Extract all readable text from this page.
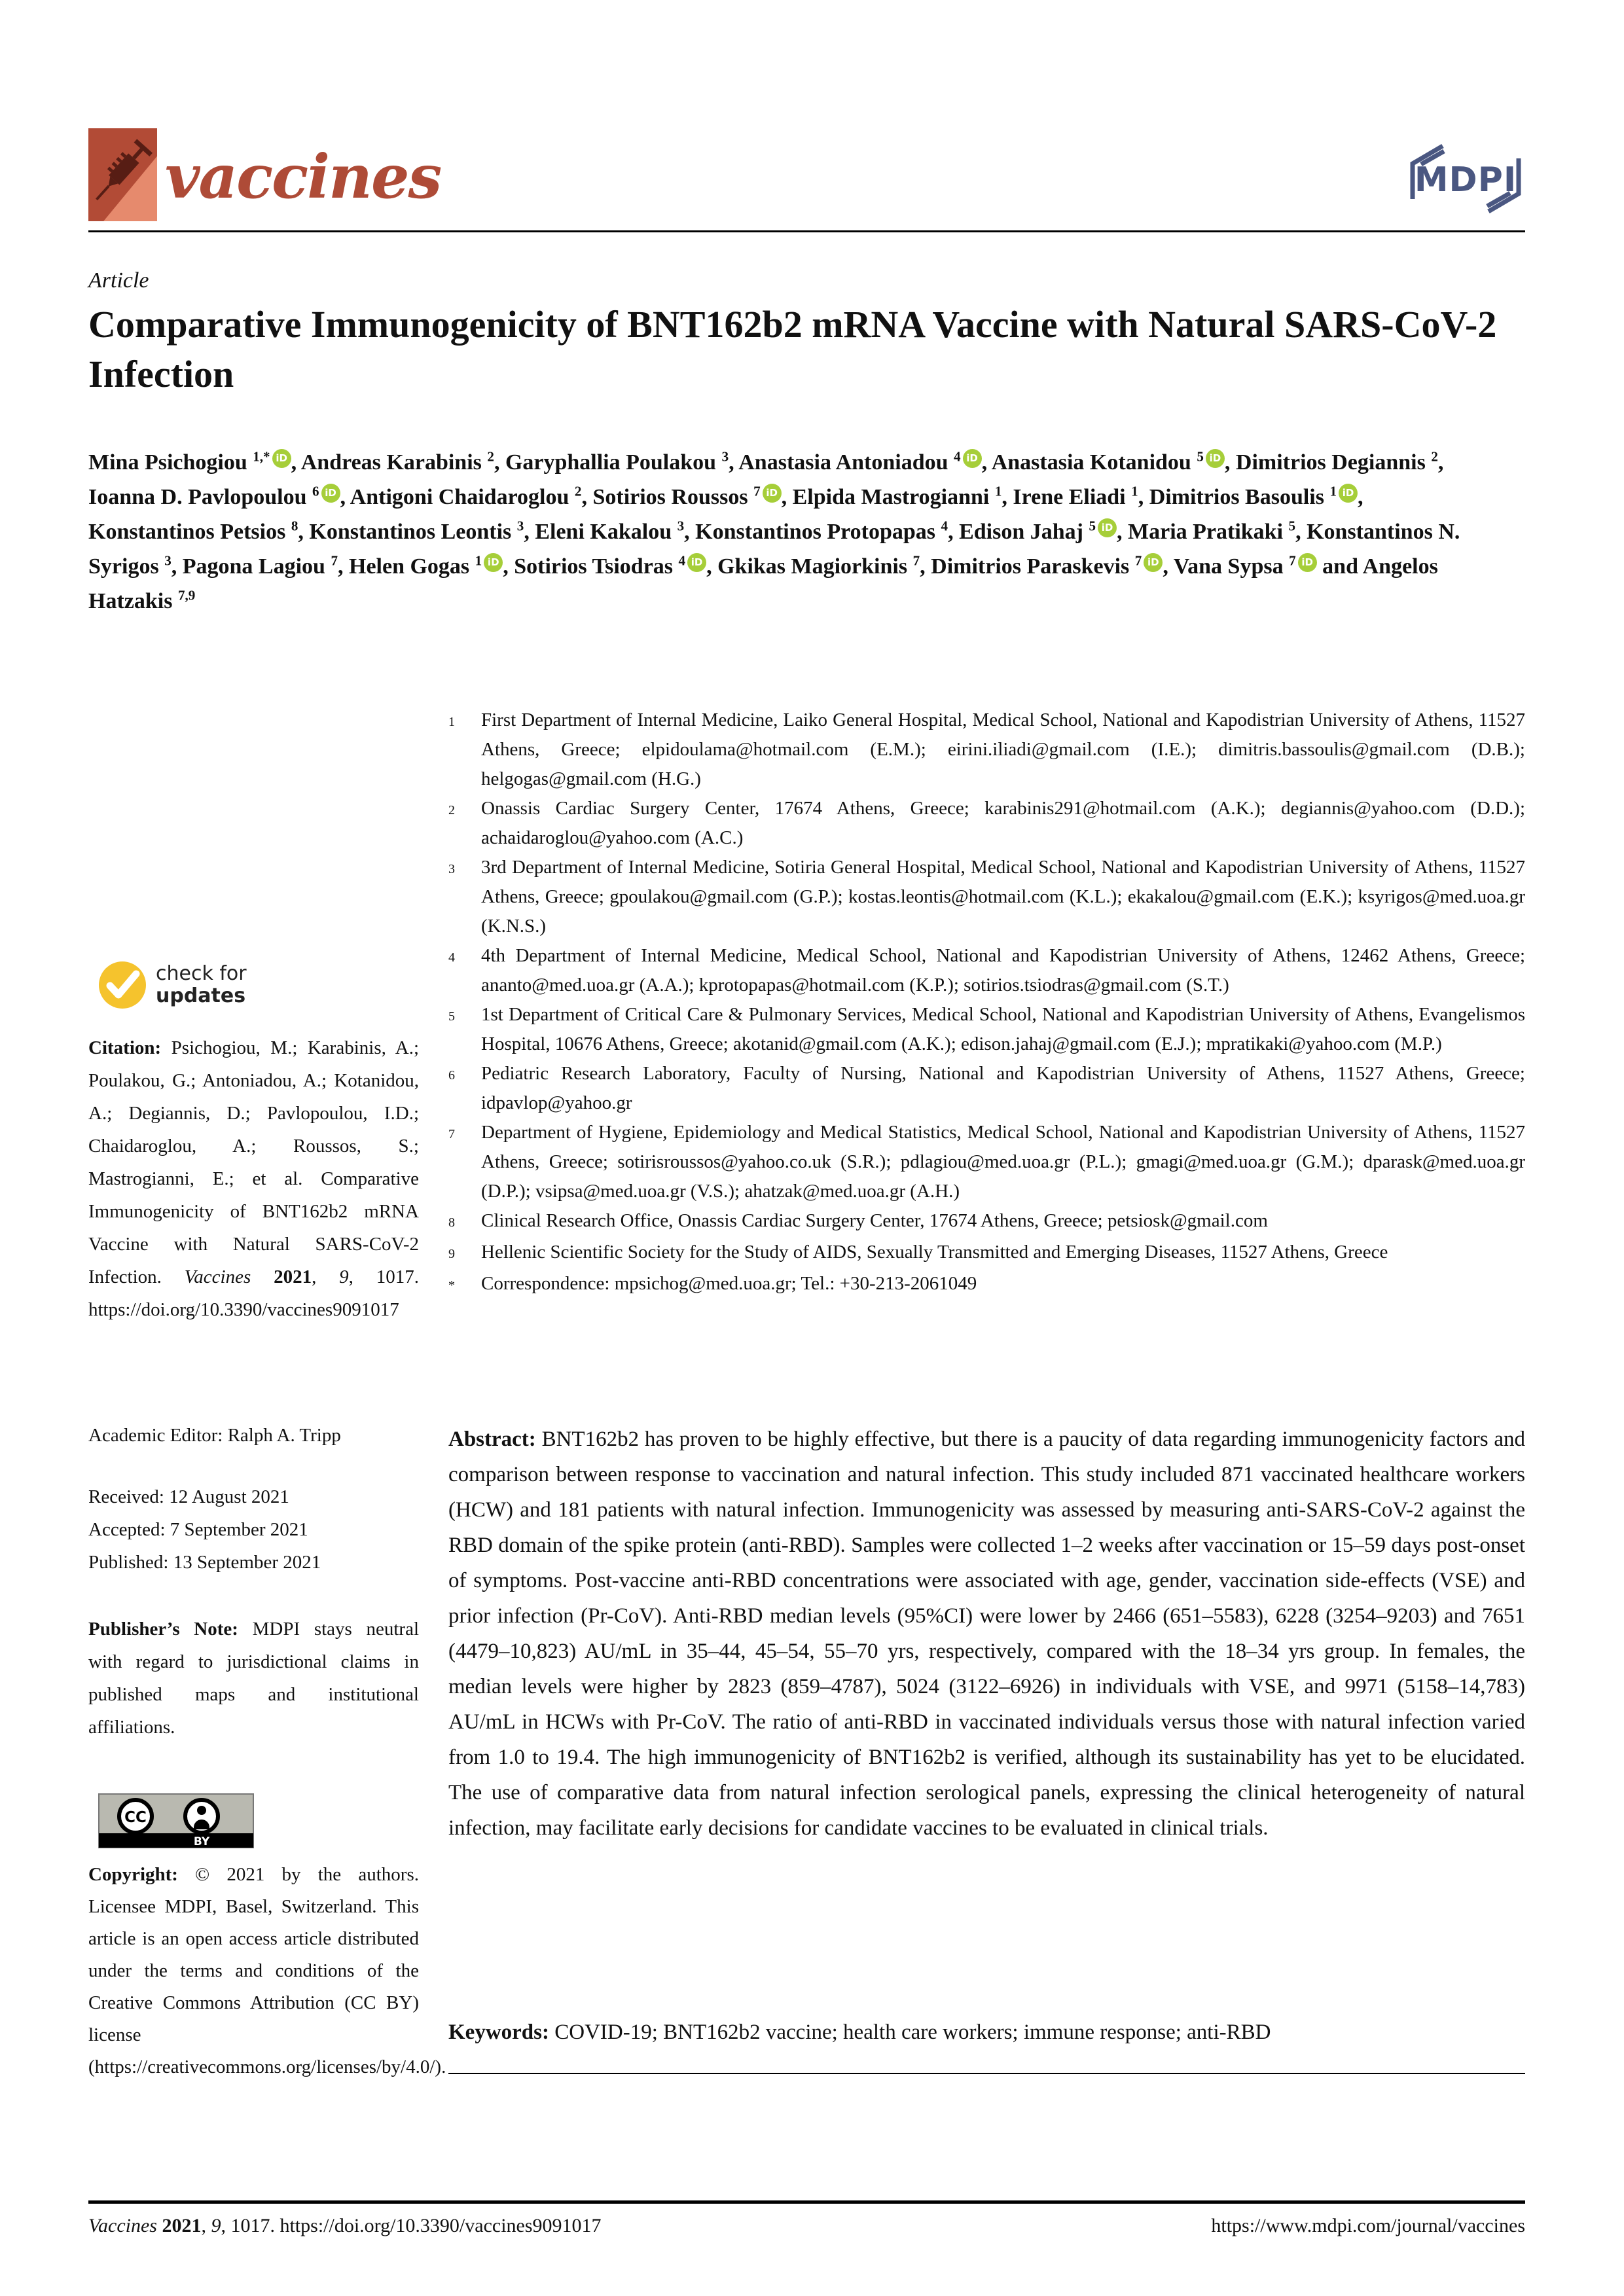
vaccines	MDPI
Article
Comparative Immunogenicity of BNT162b2 mRNA Vaccine with Natural SARS-CoV-2 Infection
Mina Psichogiou $^{1,*}$ iD , Andreas Karabinis $^2$, Garyphallia Poulakou $^3$, Anastasia Antoniadou $^4$ iD , Anastasia Kotanidou $^5$ iD , Dimitrios Degiannis $^2$, Ioanna D. Pavlopoulou $^6$ iD , Antigoni Chaidaroglou $^2$, Sotirios Roussos $^7$ iD , Elpida Mastrogianni $^1$, Irene Eliadi $^1$, Dimitrios Basoulis $^1$ iD , Konstantinos Petsios $^8$, Konstantinos Leontis $^3$, Eleni Kakalou $^3$, Konstantinos Protopapas $^4$, Edison Jahaj $^5$ iD , Maria Pratikaki $^5$, Konstantinos N. Syrigos $^3$, Pagona Lagiou $^7$, Helen Gogas $^1$ iD , Sotirios Tsiodras $^4$ iD , Gkikas Magiorkinis $^7$, Dimitrios Paraskevis $^7$ iD , Vana Sypsa $^7$ iD and Angelos Hatzakis $^{7,9}$
1	First Department of Internal Medicine, Laiko General Hospital, Medical School, National and Kapodistrian University of Athens, 11527 Athens, Greece; elpidoulama@hotmail.com (E.M.); eirini.iliadi@gmail.com (I.E.); dimitris.bassoulis@gmail.com (D.B.); helgogas@gmail.com (H.G.)
2	Onassis Cardiac Surgery Center, 17674 Athens, Greece; karabinis291@hotmail.com (A.K.); degiannis@yahoo.com (D.D.); achaidaroglou@yahoo.com (A.C.)
3	3rd Department of Internal Medicine, Sotiria General Hospital, Medical School, National and Kapodistrian University of Athens, 11527 Athens, Greece; gpoulakou@gmail.com (G.P.); kostas.leontis@hotmail.com (K.L.); ekakalou@gmail.com (E.K.); ksyrigos@med.uoa.gr (K.N.S.)
4	4th Department of Internal Medicine, Medical School, National and Kapodistrian University of Athens, 12462 Athens, Greece; ananto@med.uoa.gr (A.A.); kprotopapas@hotmail.com (K.P.); sotirios.tsiodras@gmail.com (S.T.)
5	1st Department of Critical Care & Pulmonary Services, Medical School, National and Kapodistrian University of Athens, Evangelismos Hospital, 10676 Athens, Greece; akotanid@gmail.com (A.K.); edison.jahaj@gmail.com (E.J.); mpratikaki@yahoo.com (M.P.)
6	Pediatric Research Laboratory, Faculty of Nursing, National and Kapodistrian University of Athens, 11527 Athens, Greece; idpavlop@yahoo.gr
7	Department of Hygiene, Epidemiology and Medical Statistics, Medical School, National and Kapodistrian University of Athens, 11527 Athens, Greece; sotirisroussos@yahoo.co.uk (S.R.); pdlagiou@med.uoa.gr (P.L.); gmagi@med.uoa.gr (G.M.); dparask@med.uoa.gr (D.P.); vsipsa@med.uoa.gr (V.S.); ahatzak@med.uoa.gr (A.H.)
8	Clinical Research Office, Onassis Cardiac Surgery Center, 17674 Athens, Greece; petsiosk@gmail.com
9	Hellenic Scientific Society for the Study of AIDS, Sexually Transmitted and Emerging Diseases, 11527 Athens, Greece
*	Correspondence: mpsichog@med.uoa.gr; Tel.: +30-213-2061049
Abstract: BNT162b2 has proven to be highly effective, but there is a paucity of data regarding immunogenicity factors and comparison between response to vaccination and natural infection. This study included 871 vaccinated healthcare workers (HCW) and 181 patients with natural infection. Immunogenicity was assessed by measuring anti-SARS-CoV-2 against the RBD domain of the spike protein (anti-RBD). Samples were collected 1–2 weeks after vaccination or 15–59 days post-onset of symptoms. Post-vaccine anti-RBD concentrations were associated with age, gender, vaccination side-effects (VSE) and prior infection (Pr-CoV). Anti-RBD median levels (95%CI) were lower by 2466 (651–5583), 6228 (3254–9203) and 7651 (4479–10,823) AU/mL in 35–44, 45–54, 55–70 yrs, respectively, compared with the 18–34 yrs group. In females, the median levels were higher by 2823 (859–4787), 5024 (3122–6926) in individuals with VSE, and 9971 (5158–14,783) AU/mL in HCWs with Pr-CoV. The ratio of anti-RBD in vaccinated individuals versus those with natural infection varied from 1.0 to 19.4. The high immunogenicity of BNT162b2 is verified, although its sustainability has yet to be elucidated. The use of comparative data from natural infection serological panels, expressing the clinical heterogeneity of natural infection, may facilitate early decisions for candidate vaccines to be evaluated in clinical trials.
Keywords: COVID-19; BNT162b2 vaccine; health care workers; immune response; anti-RBD
check for
updates
Citation: Psichogiou, M.; Karabinis, A.; Poulakou, G.; Antoniadou, A.; Kotanidou, A.; Degiannis, D.; Pavlopoulou, I.D.; Chaidaroglou, A.; Roussos, S.; Mastrogianni, E.; et al. Comparative Immunogenicity of BNT162b2 mRNA Vaccine with Natural SARS-CoV-2 Infection. Vaccines 2021, 9, 1017. https://doi.org/10.3390/vaccines9091017
Academic Editor: Ralph A. Tripp
Received: 12 August 2021
Accepted: 7 September 2021
Published: 13 September 2021
Publisher’s Note: MDPI stays neutral with regard to jurisdictional claims in published maps and institutional affiliations.
CC
BY
Copyright: © 2021 by the authors. Licensee MDPI, Basel, Switzerland. This article is an open access article distributed under the terms and conditions of the Creative Commons Attribution (CC BY) license (https://creativecommons.org/licenses/by/4.0/).
Vaccines 2021, 9, 1017. https://doi.org/10.3390/vaccines9091017	https://www.mdpi.com/journal/vaccines
